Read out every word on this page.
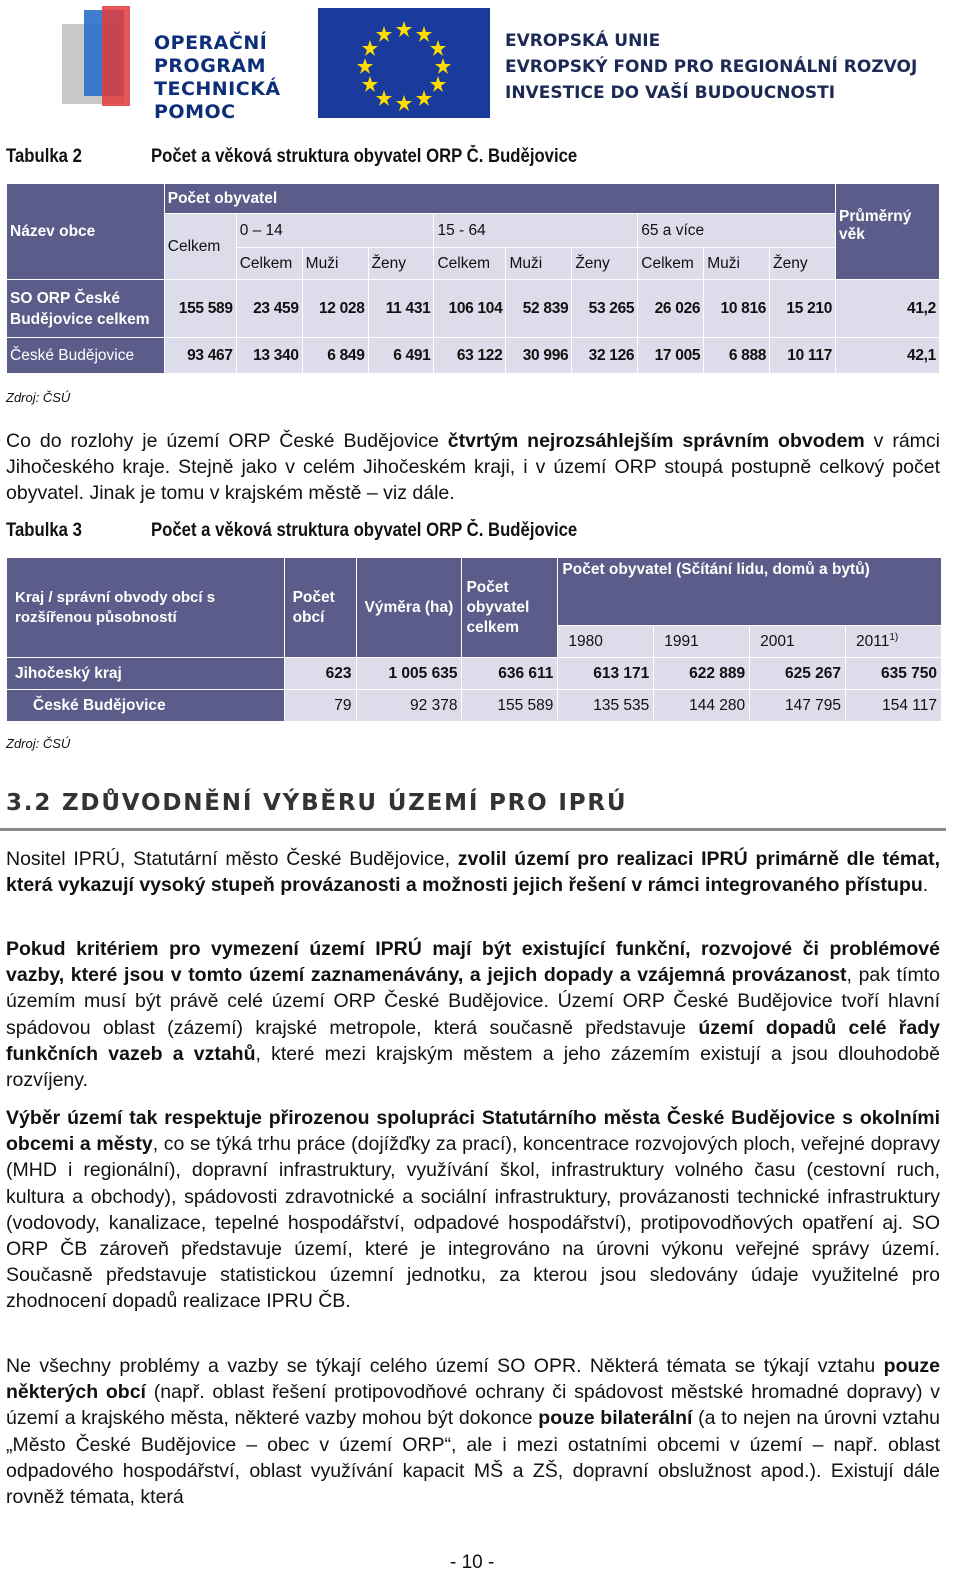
OPERAČNÍ
PROGRAM
TECHNICKÁ
POMOC
EVROPSKÁ UNIE
EVROPSKÝ FOND PRO REGIONÁLNÍ ROZVOJ
INVESTICE DO VAŠÍ BUDOUCNOSTI
Tabulka 2	Počet a věková struktura obyvatel ORP Č. Budějovice
Název obce	Počet obyvatel										Průměrný věk
	Celkem	0 – 14			15 - 64			65 a více			
		Celkem	Muži	Ženy	Celkem	Muži	Ženy	Celkem	Muži	Ženy	
SO ORP České Budějovice celkem	155 589	23 459	12 028	11 431	106 104	52 839	53 265	26 026	10 816	15 210	41,2
České Budějovice	93 467	13 340	6 849	6 491	63 122	30 996	32 126	17 005	6 888	10 117	42,1
Zdroj: ČSÚ

Co do rozlohy je území ORP České Budějovice čtvrtým nejrozsáhlejším správním obvodem v rámci Jihočeského kraje. Stejně jako v celém Jihočeském kraji, i v území ORP stoupá postupně celkový počet obyvatel. Jinak je tomu v krajském městě – viz dále.

Tabulka 3	Počet a věková struktura obyvatel ORP Č. Budějovice
Kraj / správní obvody obcí s rozšířenou působností	Počet obcí	Výměra (ha)	Počet obyvatel celkem	Počet obyvatel (Sčítání lidu, domů a bytů)			
				1980	1991	2001	2011$^{1)}$
Jihočeský kraj	623	1 005 635	636 611	613 171	622 889	625 267	635 750
České Budějovice	79	92 378	155 589	135 535	144 280	147 795	154 117
Zdroj: ČSÚ
3.2 ZDŮVODNĚNÍ VÝBĚRU ÚZEMÍ PRO IPRÚ

Nositel IPRÚ, Statutární město České Budějovice, zvolil území pro realizaci IPRÚ primárně dle témat, která vykazují vysoký stupeň provázanosti a možnosti jejich řešení v rámci integrovaného přístupu.

Pokud kritériem pro vymezení území IPRÚ mají být existující funkční, rozvojové či problémové vazby, které jsou v tomto území zaznamenávány, a jejich dopady a vzájemná provázanost, pak tímto územím musí být právě celé území ORP České Budějovice. Území ORP České Budějovice tvoří hlavní spádovou oblast (zázemí) krajské metropole, která současně představuje území dopadů celé řady funkčních vazeb a vztahů, které mezi krajským městem a jeho zázemím existují a jsou dlouhodobě rozvíjeny.

Výběr území tak respektuje přirozenou spolupráci Statutárního města České Budějovice s okolními obcemi a městy, co se týká trhu práce (dojížďky za prací), koncentrace rozvojových ploch, veřejné dopravy (MHD i regionální), dopravní infrastruktury, využívání škol, infrastruktury volného času (cestovní ruch, kultura a obchody), spádovosti zdravotnické a sociální infrastruktury, provázanosti technické infrastruktury (vodovody, kanalizace, tepelné hospodářství, odpadové hospodářství), protipovodňových opatření aj. SO ORP ČB zároveň představuje území, které je integrováno na úrovni výkonu veřejné správy území. Současně představuje statistickou územní jednotku, za kterou jsou sledovány údaje využitelné pro zhodnocení dopadů realizace IPRU ČB.

Ne všechny problémy a vazby se týkají celého území SO OPR. Některá témata se týkají vztahu pouze některých obcí (např. oblast řešení protipovodňové ochrany či spádovost městské hromadné dopravy) v území a krajského města, některé vazby mohou být dokonce pouze bilaterální (a to nejen na úrovni vztahu „Město České Budějovice – obec v území ORP“, ale i mezi ostatními obcemi v území – např. oblast odpadového hospodářství, oblast využívání kapacit MŠ a ZŠ, dopravní obslužnost apod.). Existují dále rovněž témata, která

- 10 -
